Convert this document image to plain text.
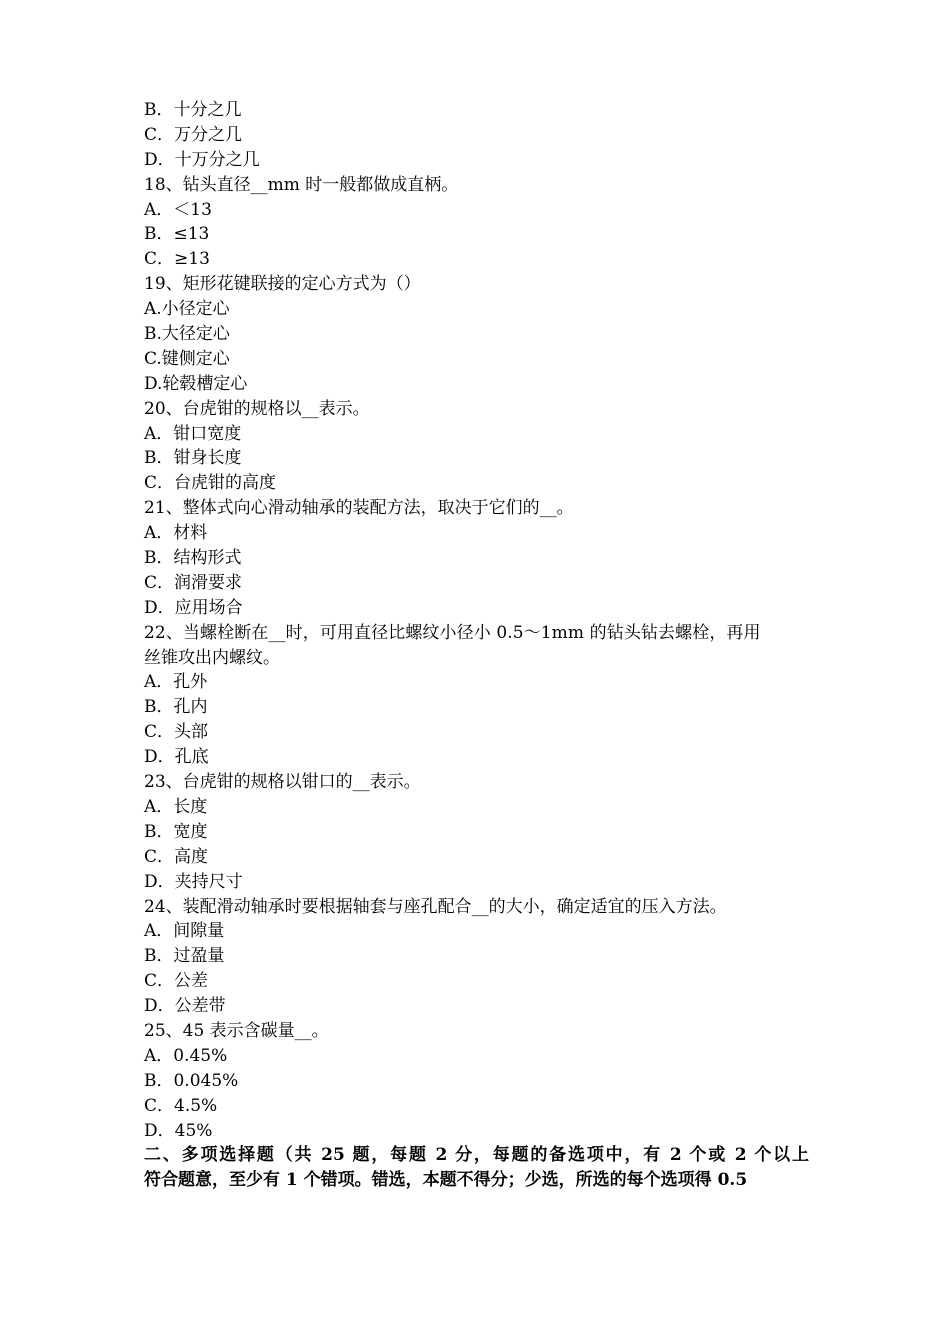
B．十分之几
C．万分之几
D．十万分之几
18、钻头直径__mm 时一般都做成直柄。
A．＜13
B．≤13
C．≥13
19、矩形花键联接的定心方式为（）
A.小径定心
B.大径定心
C.键侧定心
D.轮毂槽定心
20、台虎钳的规格以__表示。
A．钳口宽度
B．钳身长度
C．台虎钳的高度
21、整体式向心滑动轴承的装配方法，取决于它们的__。
A．材料
B．结构形式
C．润滑要求
D．应用场合
22、当螺栓断在__时，可用直径比螺纹小径小 0.5～1mm 的钻头钻去螺栓，再用
丝锥攻出内螺纹。
A．孔外
B．孔内
C．头部
D．孔底
23、台虎钳的规格以钳口的__表示。
A．长度
B．宽度
C．高度
D．夹持尺寸
24、装配滑动轴承时要根据轴套与座孔配合__的大小，确定适宜的压入方法。
A．间隙量
B．过盈量
C．公差
D．公差带
25、45 表示含碳量__。
A．0.45%
B．0.045%
C．4.5%
D．45%
二、多项选择题（共 25 题，每题 2 分，每题的备选项中，有 2 个或 2 个以上
符合题意，至少有 1 个错项。错选，本题不得分；少选，所选的每个选项得 0.5
